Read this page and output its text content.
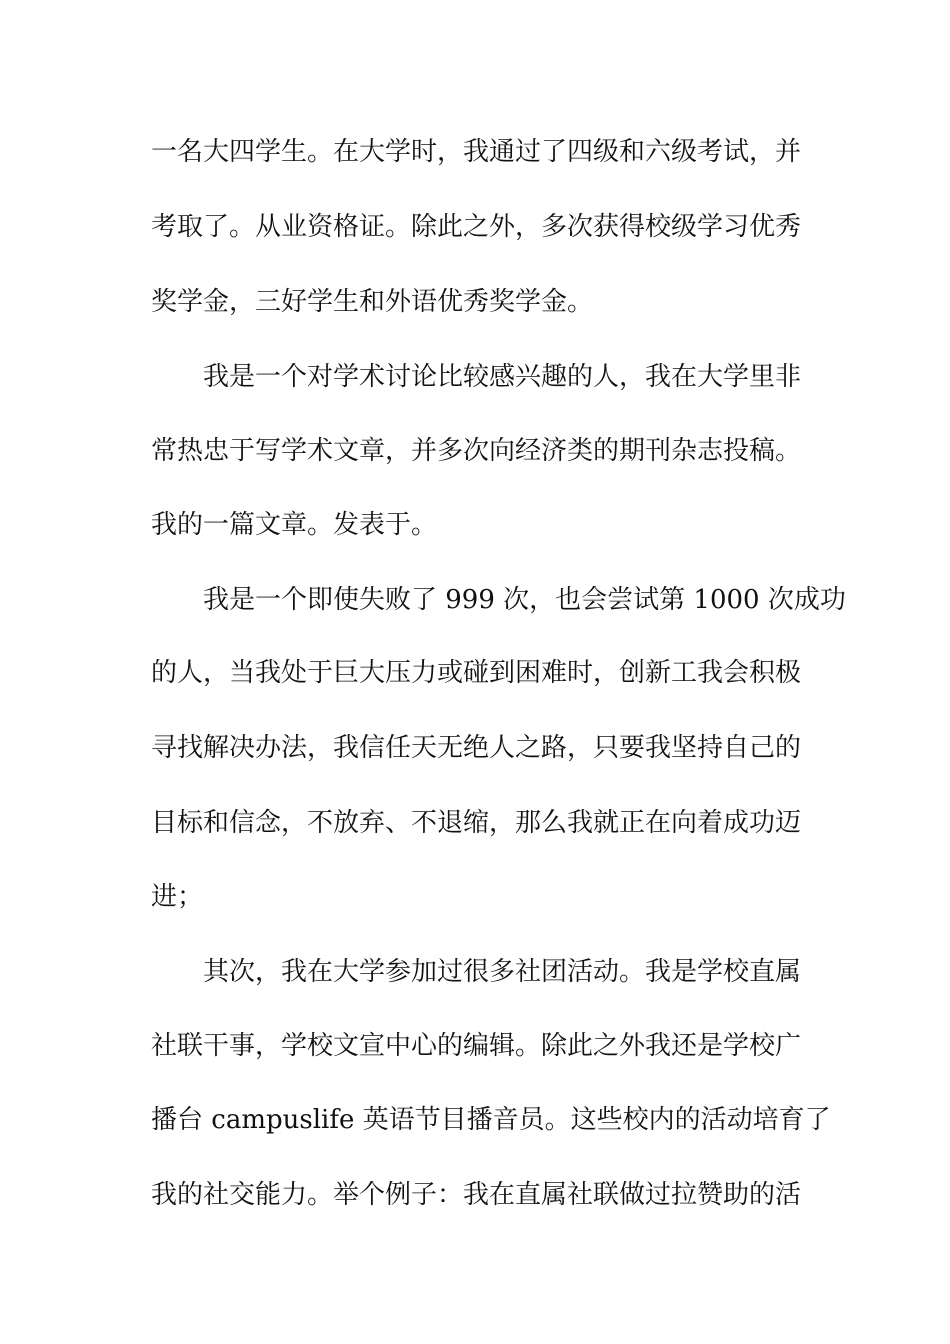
一名大四学生。在大学时，我通过了四级和六级考试，并
考取了。从业资格证。除此之外，多次获得校级学习优秀
奖学金，三好学生和外语优秀奖学金。
我是一个对学术讨论比较感兴趣的人，我在大学里非
常热忠于写学术文章，并多次向经济类的期刊杂志投稿。
我的一篇文章。发表于。
我是一个即使失败了 999 次，也会尝试第 1000 次成功
的人，当我处于巨大压力或碰到困难时，创新工我会积极
寻找解决办法，我信任天无绝人之路，只要我坚持自己的
目标和信念，不放弃、不退缩，那么我就正在向着成功迈
进；
其次，我在大学参加过很多社团活动。我是学校直属
社联干事，学校文宣中心的编辑。除此之外我还是学校广
播台 campuslife 英语节目播音员。这些校内的活动培育了
我的社交能力。举个例子：我在直属社联做过拉赞助的活
